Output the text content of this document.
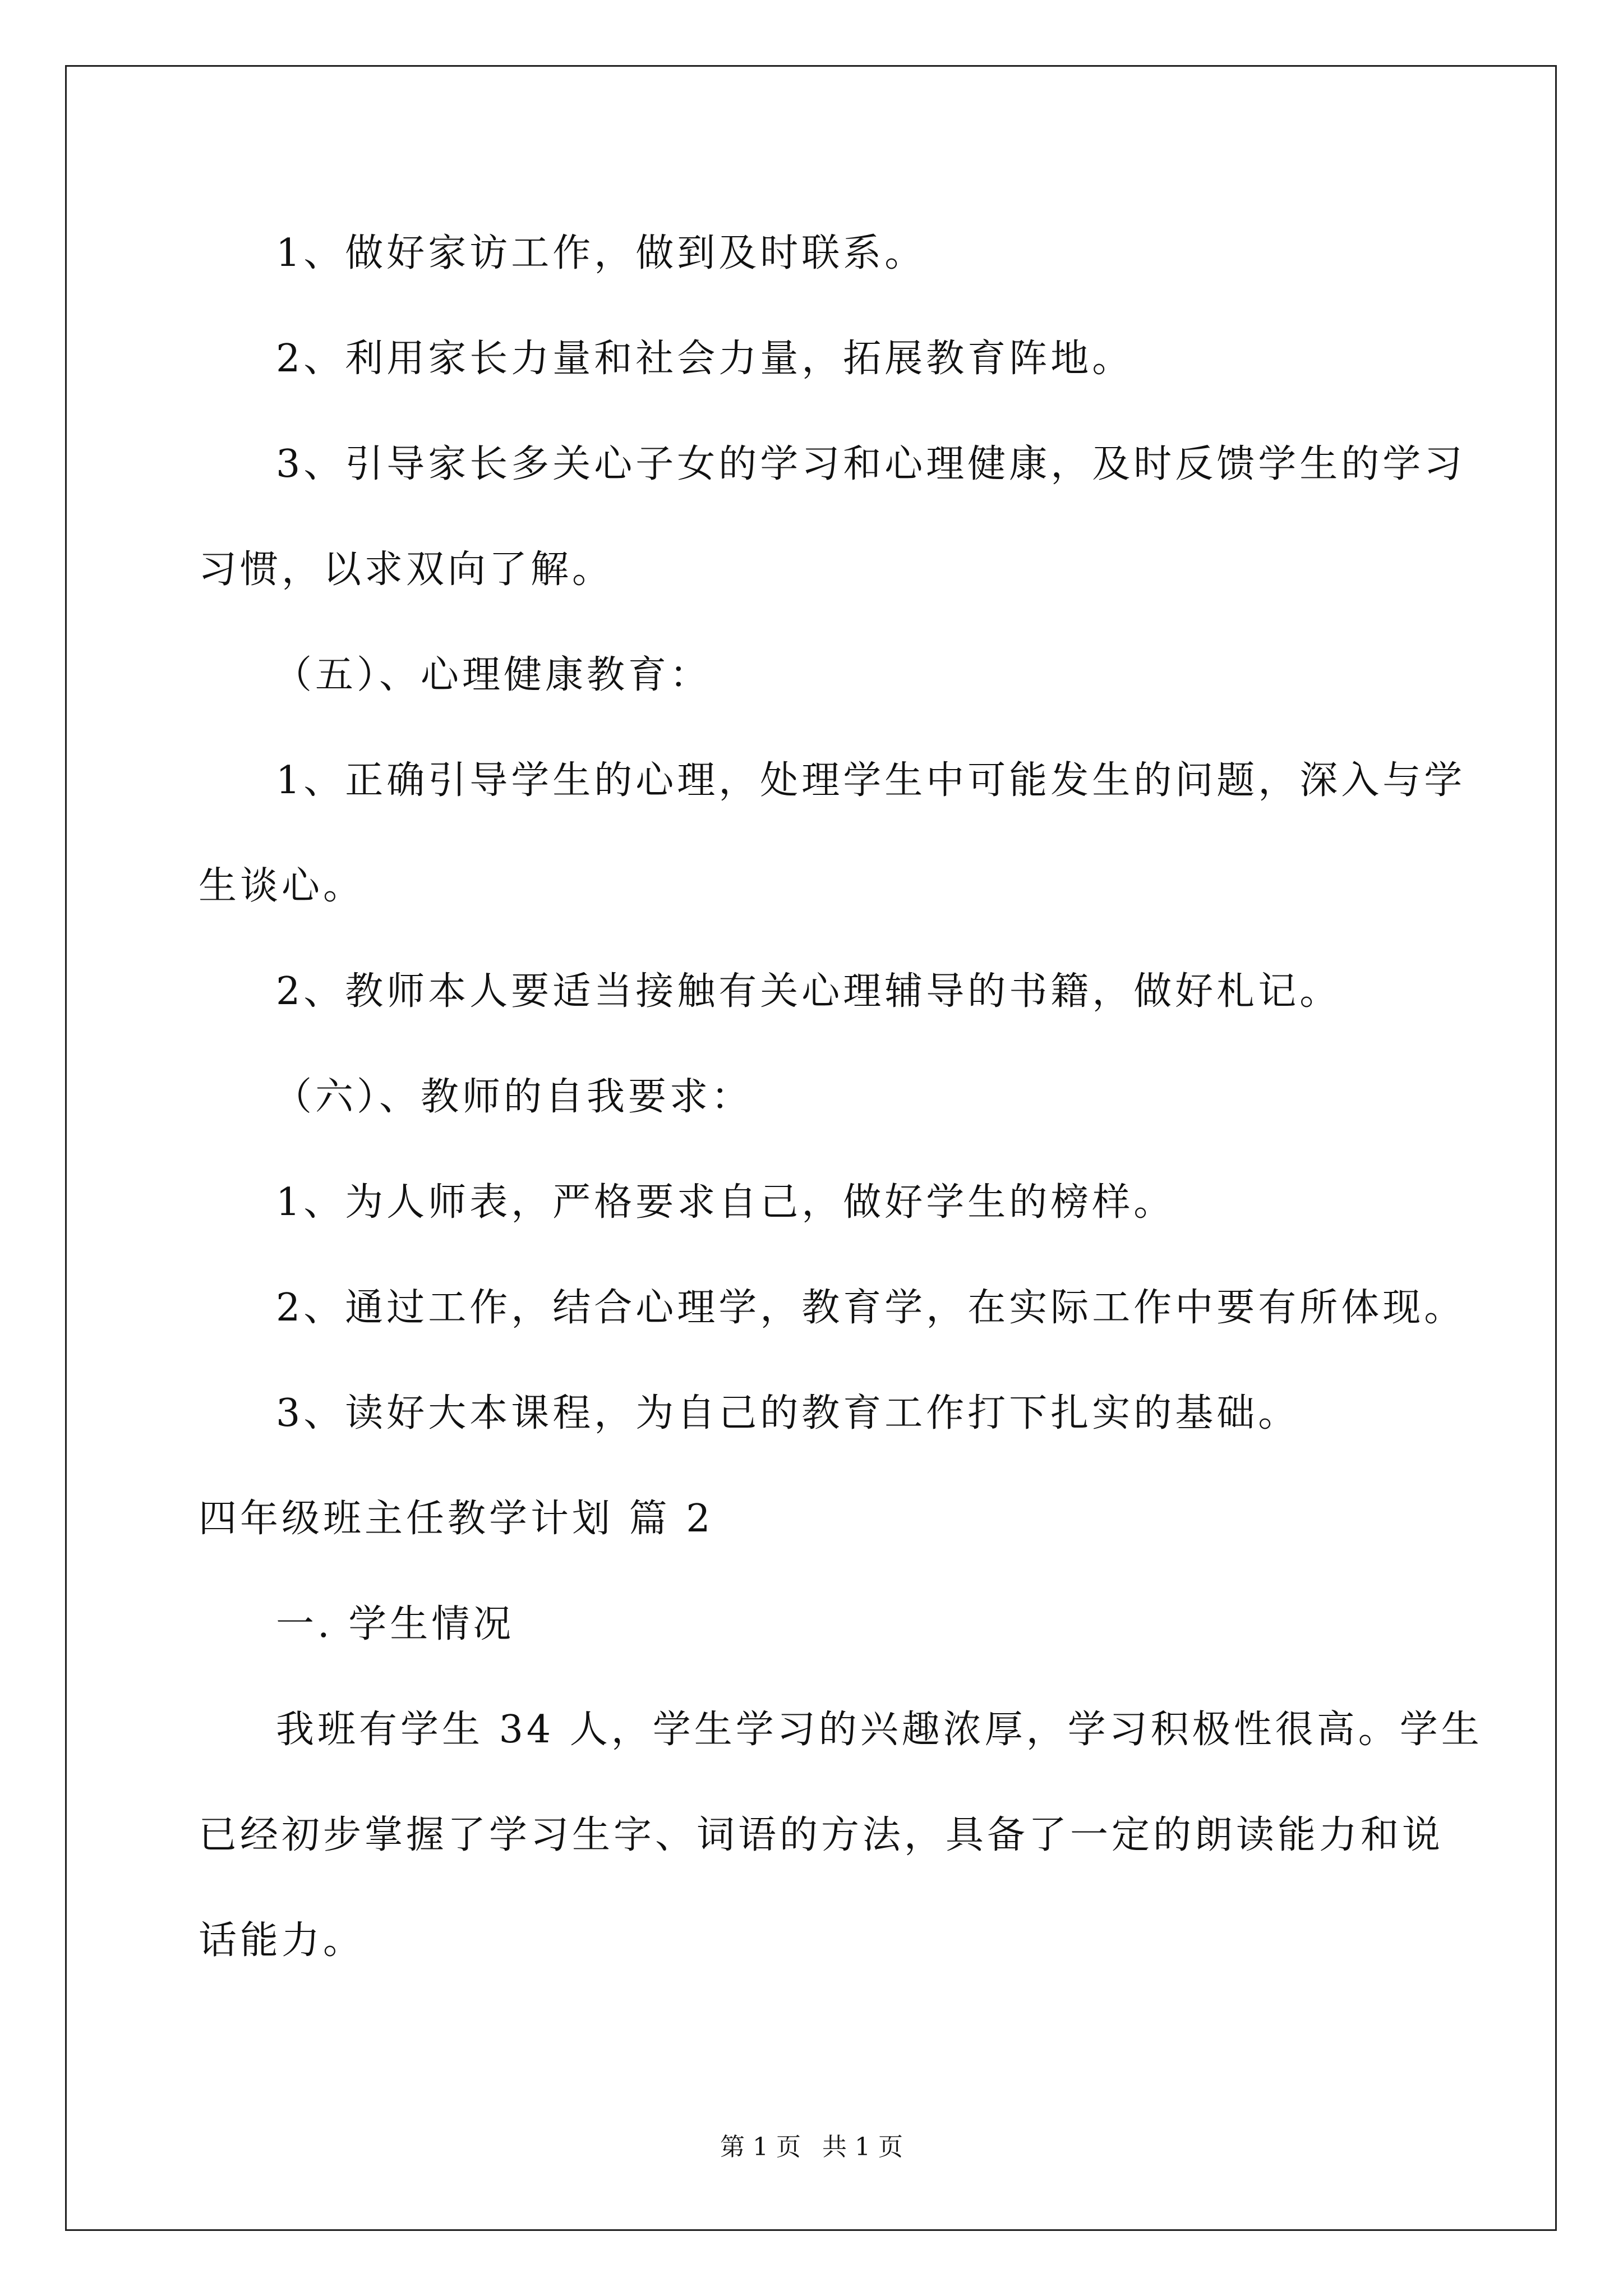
1、做好家访工作，做到及时联系。
2、利用家长力量和社会力量，拓展教育阵地。
3、引导家长多关心子女的学习和心理健康，及时反馈学生的学习
习惯，以求双向了解。
（五）、心理健康教育：
1、正确引导学生的心理，处理学生中可能发生的问题，深入与学
生谈心。
2、教师本人要适当接触有关心理辅导的书籍，做好札记。
（六）、教师的自我要求：
1、为人师表，严格要求自己，做好学生的榜样。
2、通过工作，结合心理学，教育学，在实际工作中要有所体现。
3、读好大本课程，为自己的教育工作打下扎实的基础。
四年级班主任教学计划 篇 2
一. 学生情况
我班有学生 34 人，学生学习的兴趣浓厚，学习积极性很高。学生
已经初步掌握了学习生字、词语的方法，具备了一定的朗读能力和说
话能力。
第 1 页 共 1 页
